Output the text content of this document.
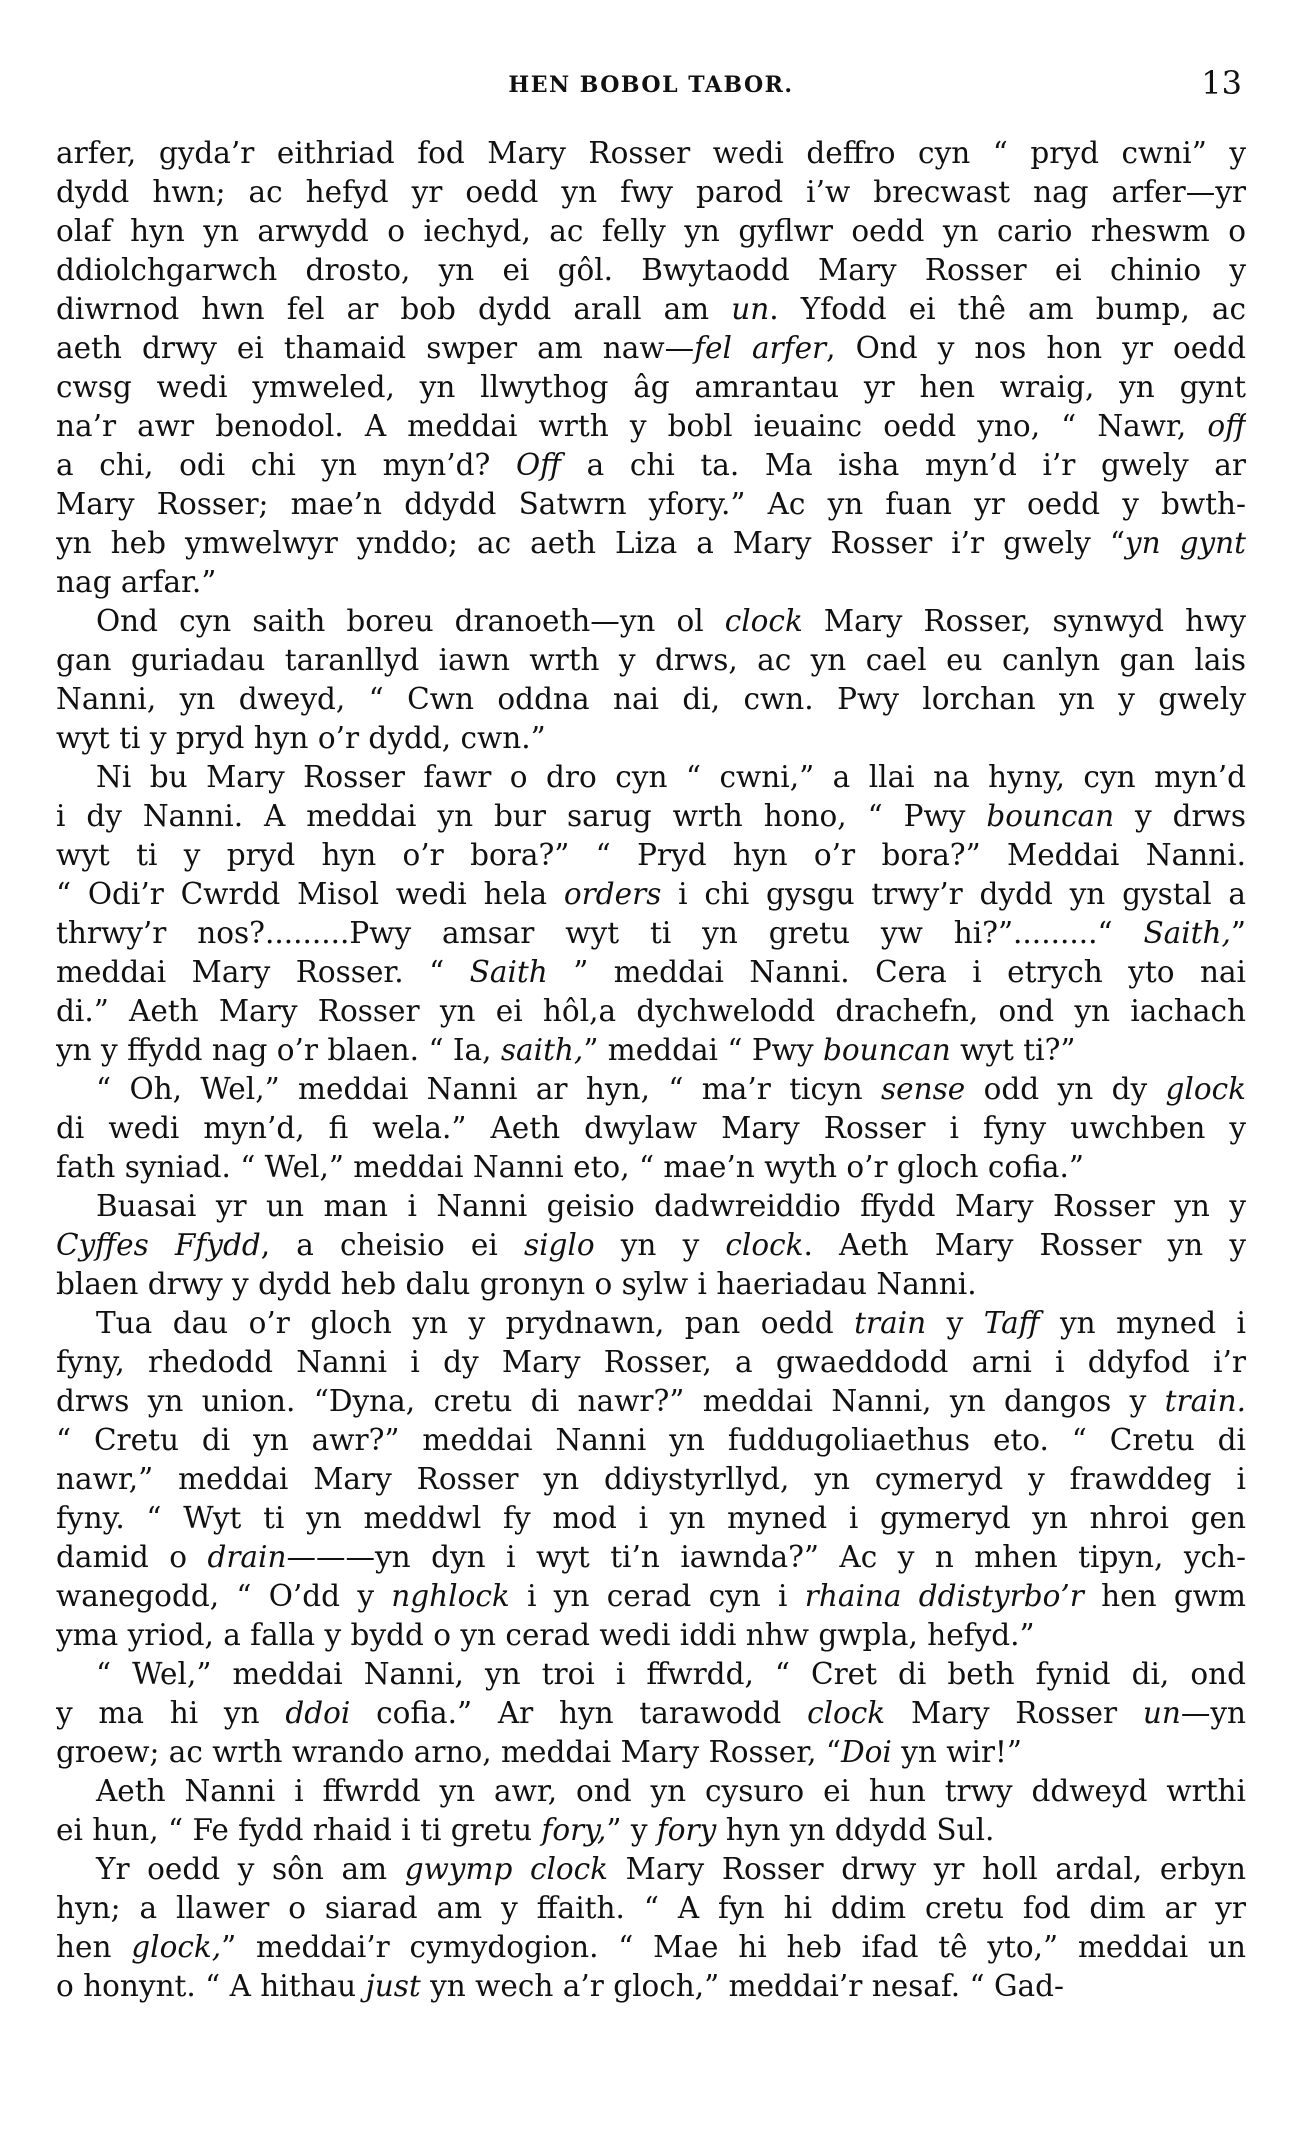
HEN BOBOL TABOR.	13
arfer, gyda’r eithriad fod Mary Rosser wedi deffro cyn “ pryd cwni” y
dydd hwn; ac hefyd yr oedd yn fwy parod i’w brecwast nag arfer—yr
olaf hyn yn arwydd o iechyd, ac felly yn gyflwr oedd yn cario rheswm o
ddiolchgarwch drosto, yn ei gôl. Bwytaodd Mary Rosser ei chinio y
diwrnod hwn fel ar bob dydd arall am un. Yfodd ei thê am bump, ac
aeth drwy ei thamaid swper am naw—fel arfer, Ond y nos hon yr oedd
cwsg wedi ymweled, yn llwythog âg amrantau yr hen wraig, yn gynt
na’r awr benodol. A meddai wrth y bobl ieuainc oedd yno, “ Nawr, off
a chi, odi chi yn myn’d? Off a chi ta. Ma isha myn’d i’r gwely ar
Mary Rosser; mae’n ddydd Satwrn yfory.” Ac yn fuan yr oedd y bwth-
yn heb ymwelwyr ynddo; ac aeth Liza a Mary Rosser i’r gwely “yn gynt
nag arfar.”
Ond cyn saith boreu dranoeth—yn ol clock Mary Rosser, synwyd hwy
gan guriadau taranllyd iawn wrth y drws, ac yn cael eu canlyn gan lais
Nanni, yn dweyd, “ Cwn oddna nai di, cwn. Pwy lorchan yn y gwely
wyt ti y pryd hyn o’r dydd, cwn.”
Ni bu Mary Rosser fawr o dro cyn “ cwni,” a llai na hyny, cyn myn’d
i dy Nanni. A meddai yn bur sarug wrth hono, “ Pwy bouncan y drws
wyt ti y pryd hyn o’r bora?” “ Pryd hyn o’r bora?” Meddai Nanni.
“ Odi’r Cwrdd Misol wedi hela orders i chi gysgu trwy’r dydd yn gystal a
thrwy’r nos?.........Pwy amsar wyt ti yn gretu yw hi?”.........“ Saith,”
meddai Mary Rosser. “ Saith ” meddai Nanni. Cera i etrych yto nai
di.” Aeth Mary Rosser yn ei hôl,a dychwelodd drachefn, ond yn iachach
yn y ffydd nag o’r blaen. “ Ia, saith,” meddai “ Pwy bouncan wyt ti?”
“ Oh, Wel,” meddai Nanni ar hyn, “ ma’r ticyn sense odd yn dy glock
di wedi myn’d, fi wela.” Aeth dwylaw Mary Rosser i fyny uwchben y
fath syniad. “ Wel,” meddai Nanni eto, “ mae’n wyth o’r gloch cofia.”
Buasai yr un man i Nanni geisio dadwreiddio ffydd Mary Rosser yn y
Cyffes Ffydd, a cheisio ei siglo yn y clock. Aeth Mary Rosser yn y
blaen drwy y dydd heb dalu gronyn o sylw i haeriadau Nanni.
Tua dau o’r gloch yn y prydnawn, pan oedd train y Taff yn myned i
fyny, rhedodd Nanni i dy Mary Rosser, a gwaeddodd arni i ddyfod i’r
drws yn union. “Dyna, cretu di nawr?” meddai Nanni, yn dangos y train.
“ Cretu di yn awr?” meddai Nanni yn fuddugoliaethus eto. “ Cretu di
nawr,” meddai Mary Rosser yn ddiystyrllyd, yn cymeryd y frawddeg i
fyny. “ Wyt ti yn meddwl fy mod i yn myned i gymeryd yn nhroi gen
damid o drain———yn dyn i wyt ti’n iawnda?” Ac y n mhen tipyn, ych-
wanegodd, “ O’dd y nghlock i yn cerad cyn i rhaina ddistyrbo’r hen gwm
yma yriod, a falla y bydd o yn cerad wedi iddi nhw gwpla, hefyd.”
“ Wel,” meddai Nanni, yn troi i ffwrdd, “ Cret di beth fynid di, ond
y ma hi yn ddoi cofia.” Ar hyn tarawodd clock Mary Rosser un—yn
groew; ac wrth wrando arno, meddai Mary Rosser, “Doi yn wir!”
Aeth Nanni i ffwrdd yn awr, ond yn cysuro ei hun trwy ddweyd wrthi
ei hun, “ Fe fydd rhaid i ti gretu fory,” y fory hyn yn ddydd Sul.
Yr oedd y sôn am gwymp clock Mary Rosser drwy yr holl ardal, erbyn
hyn; a llawer o siarad am y ffaith. “ A fyn hi ddim cretu fod dim ar yr
hen glock,” meddai’r cymydogion. “ Mae hi heb ifad tê yto,” meddai un
o honynt. “ A hithau just yn wech a’r gloch,” meddai’r nesaf. “ Gad-
